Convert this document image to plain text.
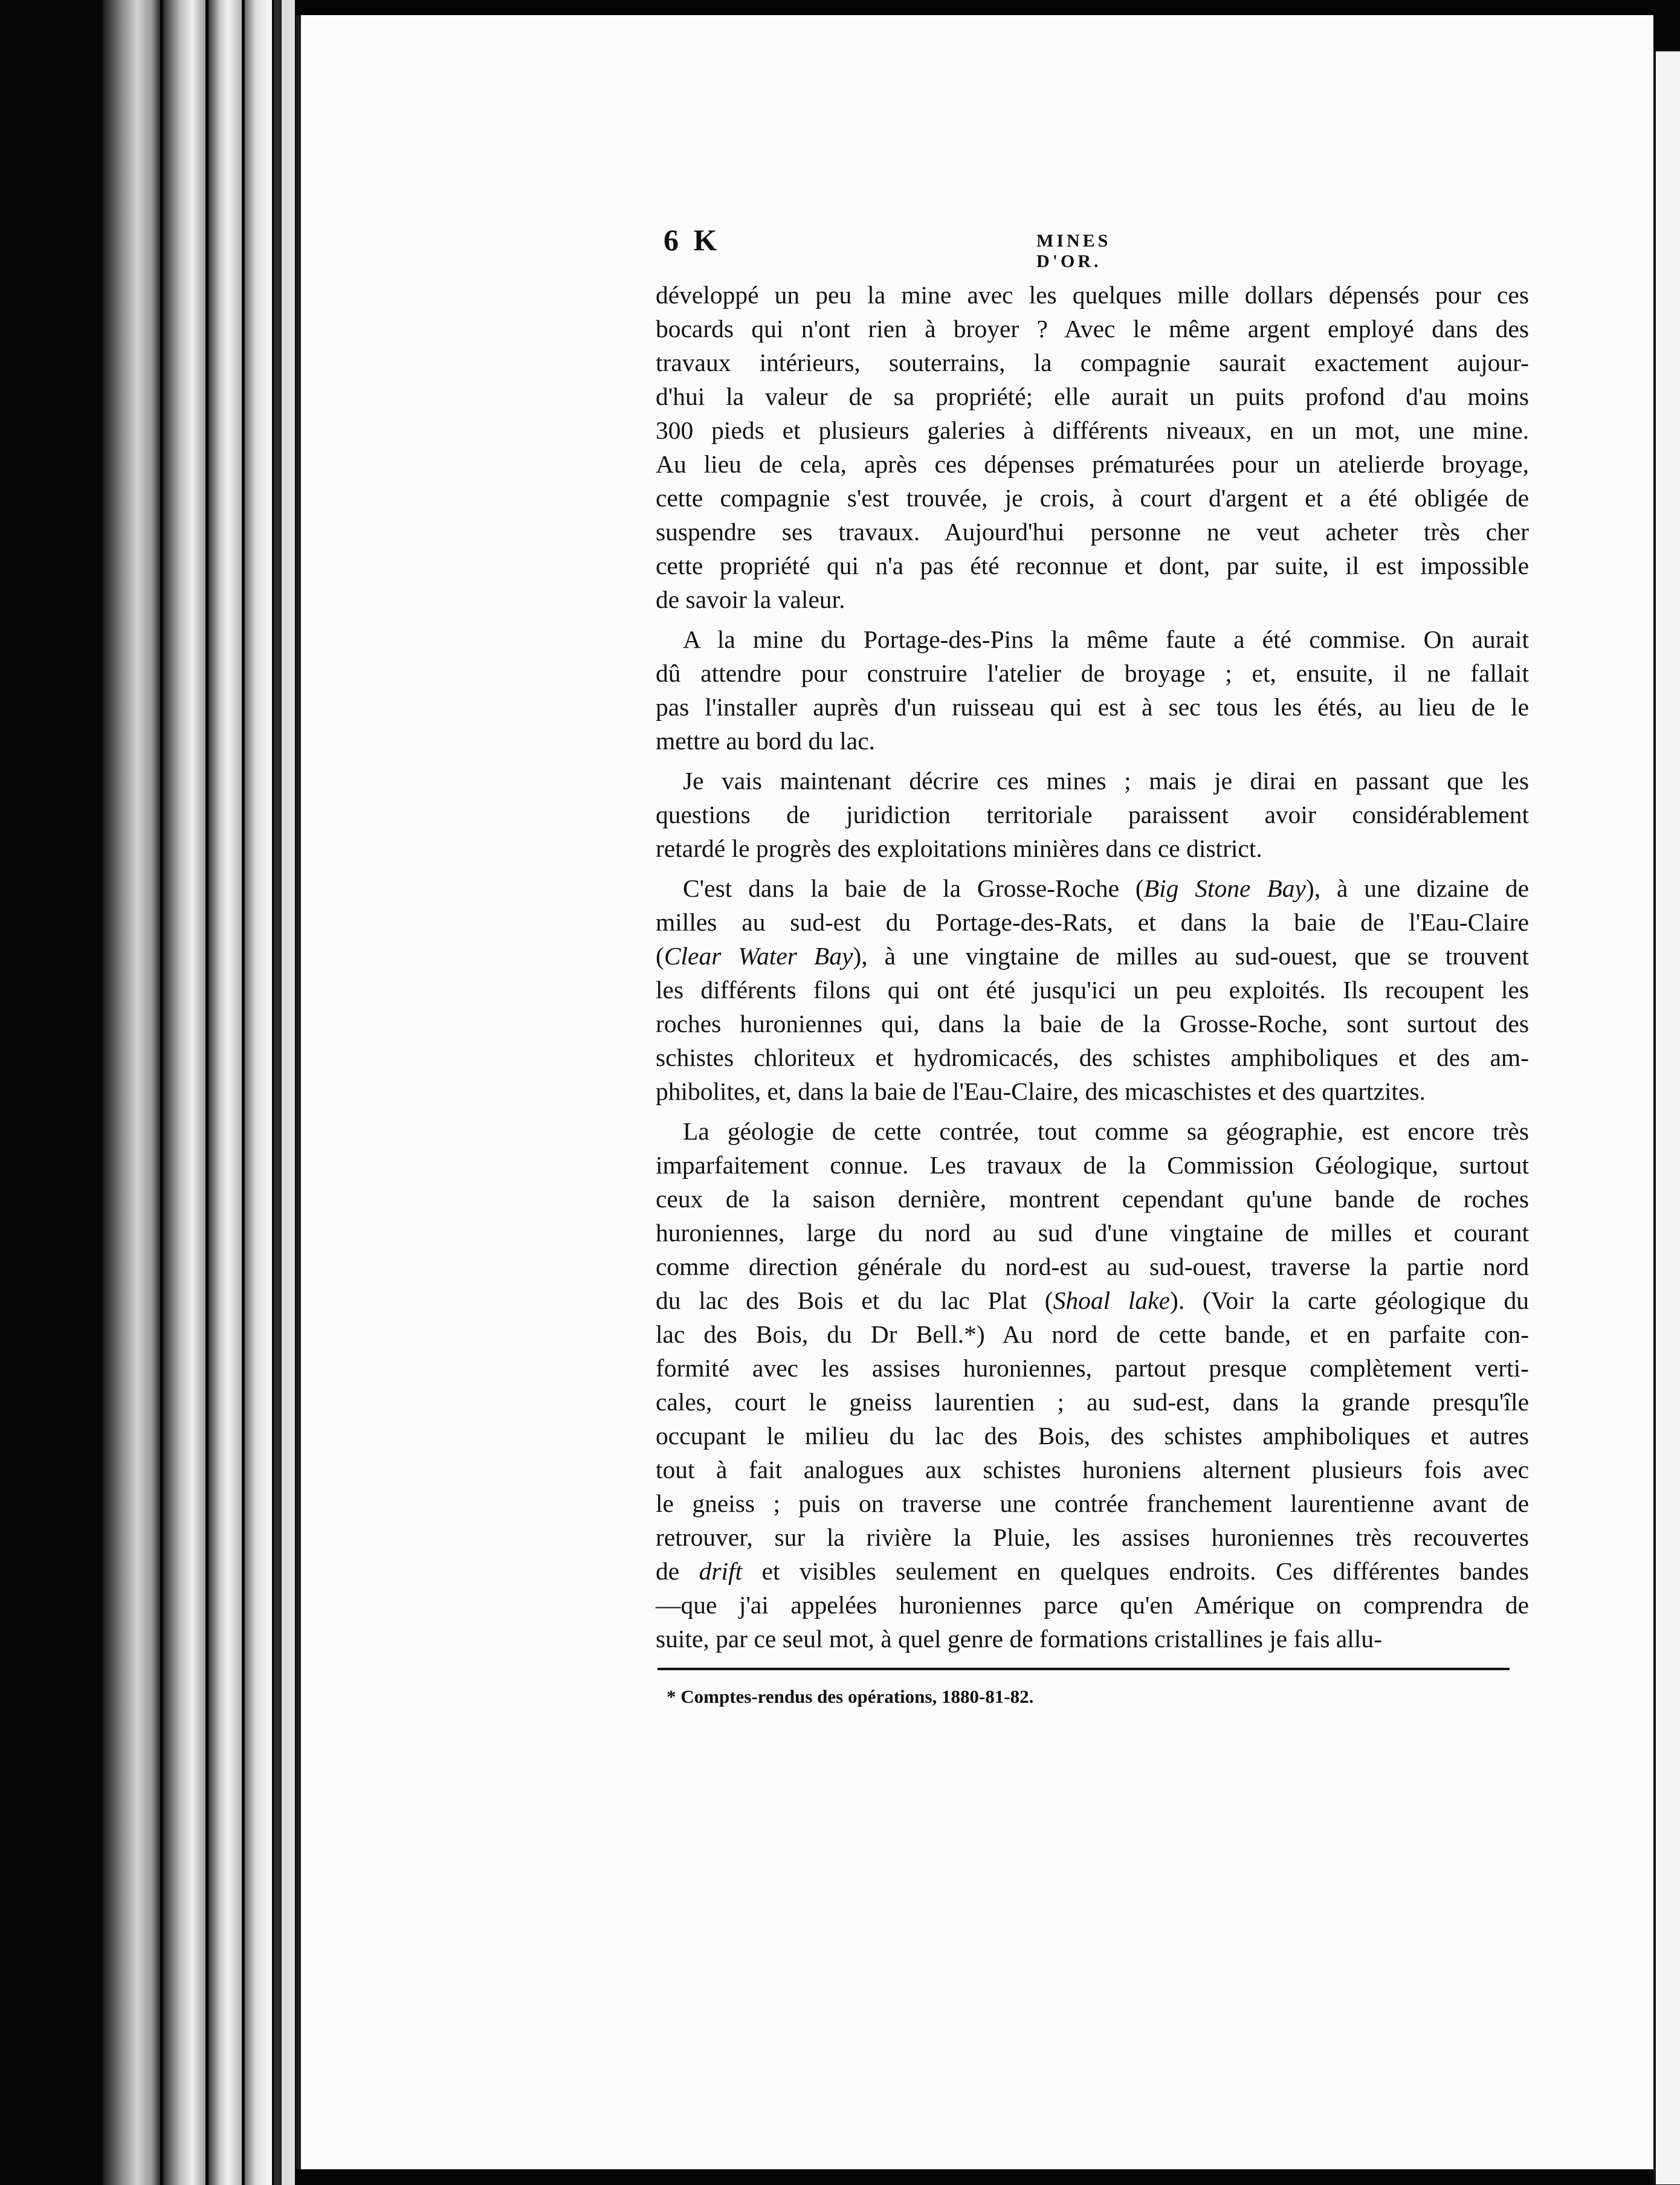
6 K	MINES D'OR.
développé un peu la mine avec les quelques mille dollars dépensés pour ces
bocards qui n'ont rien à broyer ? Avec le même argent employé dans des
travaux intérieurs, souterrains, la compagnie saurait exactement aujour-
d'hui la valeur de sa propriété; elle aurait un puits profond d'au moins
300 pieds et plusieurs galeries à différents niveaux, en un mot, une mine.
Au lieu de cela, après ces dépenses prématurées pour un atelierde broyage,
cette compagnie s'est trouvée, je crois, à court d'argent et a été obligée de
suspendre ses travaux. Aujourd'hui personne ne veut acheter très cher
cette propriété qui n'a pas été reconnue et dont, par suite, il est impossible
de savoir la valeur.
A la mine du Portage-des-Pins la même faute a été commise. On aurait
dû attendre pour construire l'atelier de broyage ; et, ensuite, il ne fallait
pas l'installer auprès d'un ruisseau qui est à sec tous les étés, au lieu de le
mettre au bord du lac.
Je vais maintenant décrire ces mines ; mais je dirai en passant que les
questions de juridiction territoriale paraissent avoir considérablement
retardé le progrès des exploitations minières dans ce district.
C'est dans la baie de la Grosse-Roche (Big Stone Bay), à une dizaine de
milles au sud-est du Portage-des-Rats, et dans la baie de l'Eau-Claire
(Clear Water Bay), à une vingtaine de milles au sud-ouest, que se trouvent
les différents filons qui ont été jusqu'ici un peu exploités. Ils recoupent les
roches huroniennes qui, dans la baie de la Grosse-Roche, sont surtout des
schistes chloriteux et hydromicacés, des schistes amphiboliques et des am-
phibolites, et, dans la baie de l'Eau-Claire, des micaschistes et des quartzites.
La géologie de cette contrée, tout comme sa géographie, est encore très
imparfaitement connue. Les travaux de la Commission Géologique, surtout
ceux de la saison dernière, montrent cependant qu'une bande de roches
huroniennes, large du nord au sud d'une vingtaine de milles et courant
comme direction générale du nord-est au sud-ouest, traverse la partie nord
du lac des Bois et du lac Plat (Shoal lake). (Voir la carte géologique du
lac des Bois, du Dr Bell.*) Au nord de cette bande, et en parfaite con-
formité avec les assises huroniennes, partout presque complètement verti-
cales, court le gneiss laurentien ; au sud-est, dans la grande presqu'île
occupant le milieu du lac des Bois, des schistes amphiboliques et autres
tout à fait analogues aux schistes huroniens alternent plusieurs fois avec
le gneiss ; puis on traverse une contrée franchement laurentienne avant de
retrouver, sur la rivière la Pluie, les assises huroniennes très recouvertes
de drift et visibles seulement en quelques endroits. Ces différentes bandes
—que j'ai appelées huroniennes parce qu'en Amérique on comprendra de
suite, par ce seul mot, à quel genre de formations cristallines je fais allu-
* Comptes-rendus des opérations, 1880-81-82.
